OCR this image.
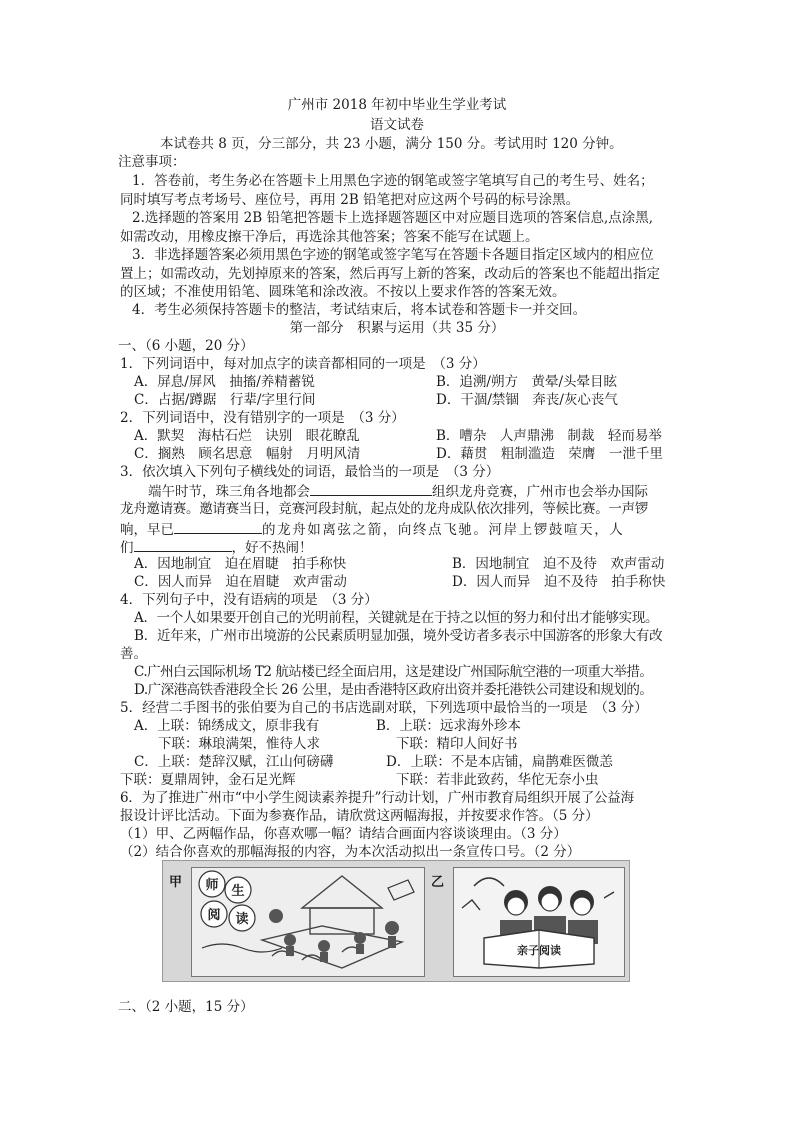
广州市 2018 年初中毕业生学业考试
语文试卷
本试卷共 8 页，分三部分，共 23 小题，满分 150 分。考试用时 120 分钟。
注意事项：
1．答卷前，考生务必在答题卡上用黑色字迹的钢笔或签字笔填写自己的考生号、姓名；
同时填写考点考场号、座位号，再用 2B 铅笔把对应这两个号码的标号涂黑。
2.选择题的答案用 2B 铅笔把答题卡上选择题答题区中对应题目选项的答案信息,点涂黑,
如需改动，用橡皮擦干净后，再选涂其他答案；答案不能写在试题上。
3．非选择题答案必须用黑色字迹的钢笔或签字笔写在答题卡各题目指定区域内的相应位
置上；如需改动，先划掉原来的答案，然后再写上新的答案，改动后的答案也不能超出指定
的区域；不准使用铅笔、圆珠笔和涂改液。不按以上要求作答的答案无效。
4．考生必须保持答题卡的整洁，考试结束后，将本试卷和答题卡一并交回。
第一部分　积累与运用（共 35 分）
一、（6 小题，20 分）
1．下列词语中，每对加点字的读音都相同的一项是　（3 分）
A．屏息/屏风　抽搐/养精蓄锐	B．追溯/朔方　黄晕/头晕目眩
C．占据/蹲踞　行辈/字里行间	D．干涸/禁锢　奔丧/灰心丧气
2．下列词语中，没有错别字的一项是　（3 分）
A．默契　海枯石烂　诀别　眼花瞭乱	B．嘈杂　人声鼎沸　制裁　轻而易举
C．搁熟　顾名思意　幅射　月明风清	D．藉贯　粗制滥造　荣膺　一泄千里
3．依次填入下列句子横线处的词语，最恰当的一项是　（3 分）
端午时节，珠三角各地都会	组织龙舟竞赛，广州市也会举办国际
龙舟邀请赛。邀请赛当日，竞赛河段封航，起点处的龙舟成队依次排列，等候比赛。一声锣
响，早已	的龙舟如离弦之箭，向终点飞驰。河岸上锣鼓喧天，人
们	，好不热闹！
A．因地制宜　迫在眉睫　拍手称快	B．因地制宜　迫不及待　欢声雷动
C．因人而异　迫在眉睫　欢声雷动	D．因人而异　迫不及待　拍手称快
4．下列句子中，没有语病的项是　（3 分）
A．一个人如果要开创自己的光明前程，关键就是在于持之以恒的努力和付出才能够实现。
B．近年来，广州市出境游的公民素质明显加强，境外受访者多表示中国游客的形象大有改
善。
C.广州白云国际机场 T2 航站楼已经全面启用，这是建设广州国际航空港的一项重大举措。
D.广深港高铁香港段全长 26 公里，是由香港特区政府出资并委托港铁公司建设和规划的。
5．经营二手图书的张伯要为自己的书店选副对联，下列选项中最恰当的一项是　（3 分）
A．上联：锦绣成文，原非我有
下联：琳琅满架，惟待人求
B．上联：远求海外珍本
下联：精印人间好书
C．上联：楚辞汉赋，江山何磅礴
下联：夏鼎周钟，金石足光辉
D．上联：不是本店铺，扁鹊难医微恙
下联：若非此致药，华佗无奈小虫
6．为了推进广州市“中小学生阅读素养提升”行动计划，广州市教育局组织开展了公益海
报设计评比活动。下面为参赛作品，请欣赏这两幅海报，并按要求作答。（5 分）
（1）甲、乙两幅作品，你喜欢哪一幅？请结合画面内容谈谈理由。（3 分）
（2）结合你喜欢的那幅海报的内容，为本次活动拟出一条宣传口号。（2 分）
甲 师 生
阅 读
乙
亲子阅读
二、（2 小题，15 分）
